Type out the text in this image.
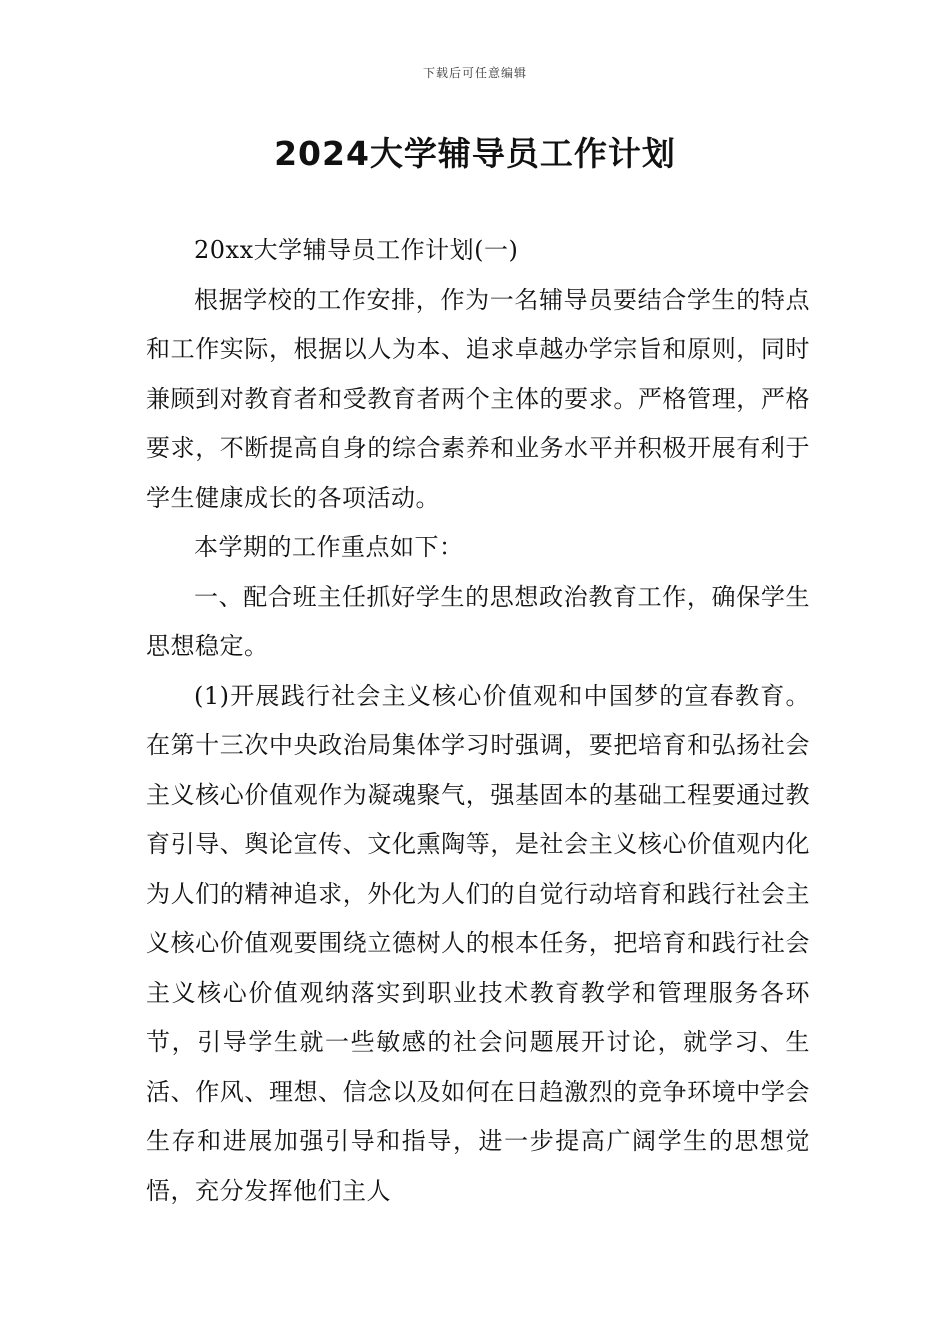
下载后可任意编辑
2024大学辅导员工作计划

20xx大学辅导员工作计划(一)

根据学校的工作安排，作为一名辅导员要结合学生的特点和工作实际，根据以人为本、追求卓越办学宗旨和原则，同时兼顾到对教育者和受教育者两个主体的要求。严格管理，严格要求，不断提高自身的综合素养和业务水平并积极开展有利于学生健康成长的各项活动。

本学期的工作重点如下：

一、配合班主任抓好学生的思想政治教育工作，确保学生思想稳定。

(1)开展践行社会主义核心价值观和中国梦的宣春教育。在第十三次中央政治局集体学习时强调，要把培育和弘扬社会主义核心价值观作为凝魂聚气，强基固本的基础工程要通过教育引导、舆论宣传、文化熏陶等，是社会主义核心价值观内化为人们的精神追求，外化为人们的自觉行动培育和践行社会主义核心价值观要围绕立德树人的根本任务，把培育和践行社会主义核心价值观纳落实到职业技术教育教学和管理服务各环节，引导学生就一些敏感的社会问题展开讨论，就学习、生活、作风、理想、信念以及如何在日趋激烈的竞争环境中学会生存和进展加强引导和指导，进一步提高广阔学生的思想觉悟，充分发挥他们主人
